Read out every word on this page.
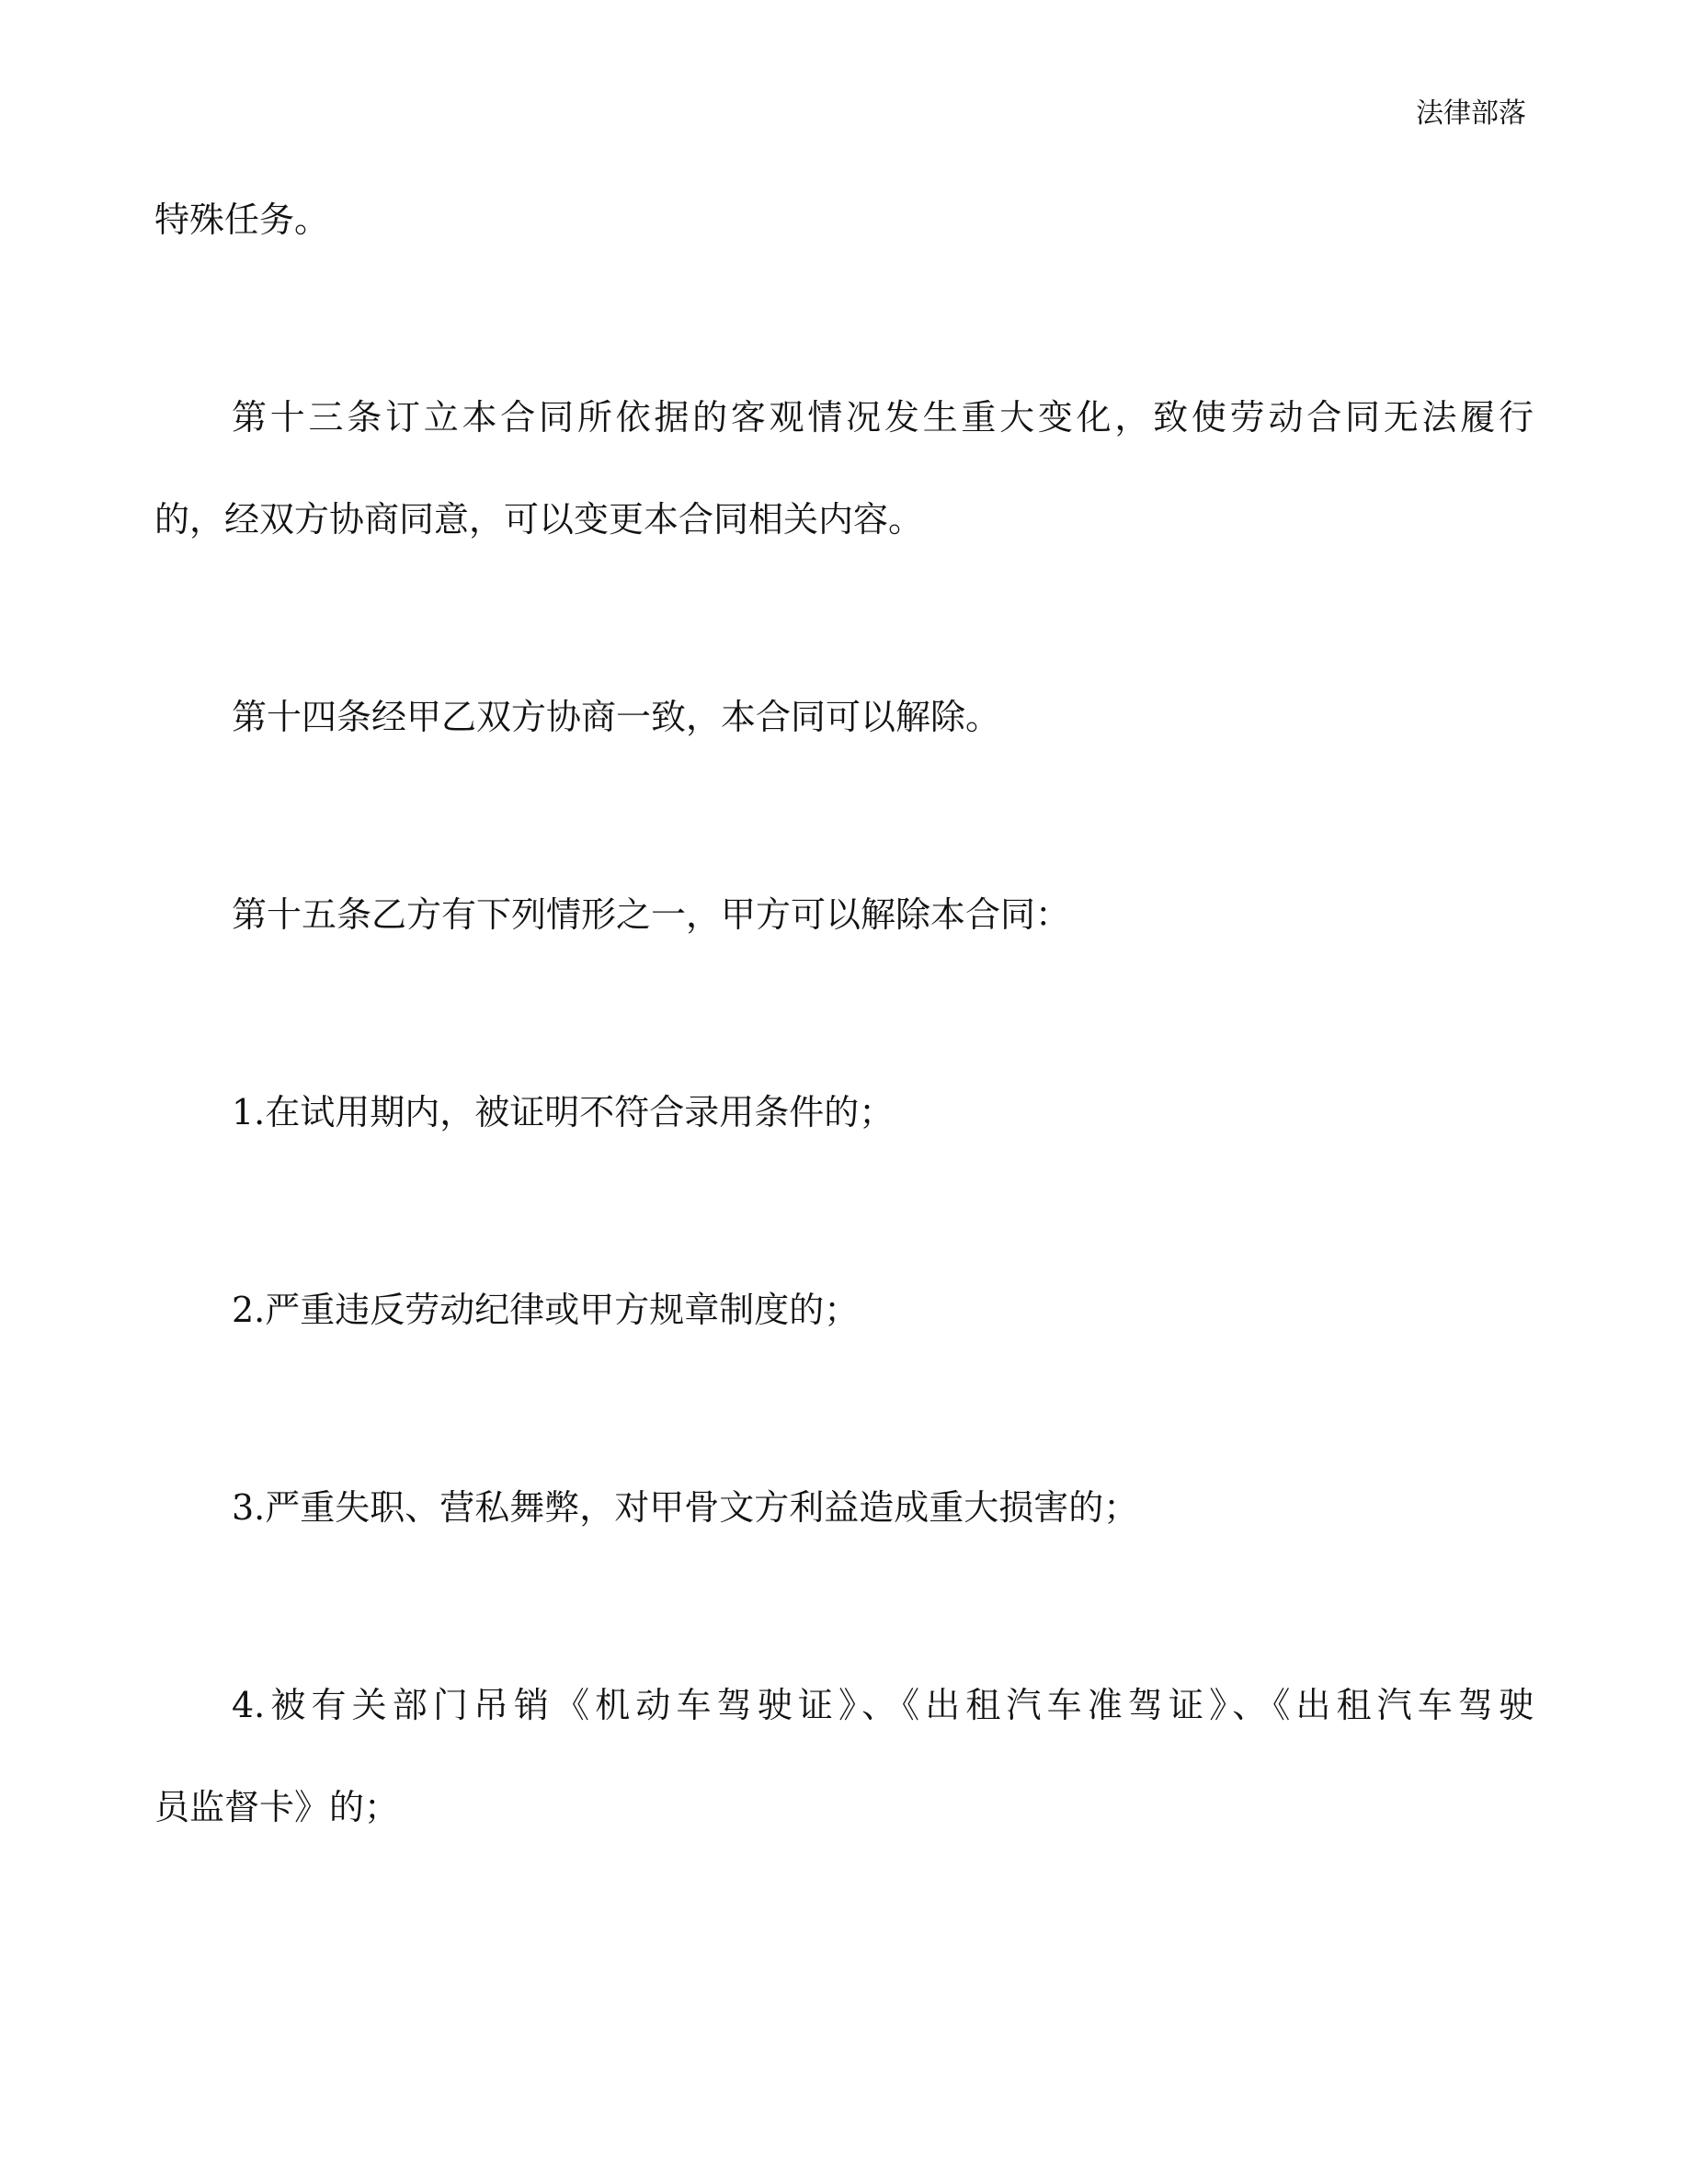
法律部落
特殊任务。
第十三条订立本合同所依据的客观情况发生重大变化，致使劳动合同无法履行
的，经双方协商同意，可以变更本合同相关内容。
第十四条经甲乙双方协商一致，本合同可以解除。
第十五条乙方有下列情形之一，甲方可以解除本合同：
1.在试用期内，被证明不符合录用条件的；
2.严重违反劳动纪律或甲方规章制度的；
3.严重失职、营私舞弊，对甲骨文方利益造成重大损害的；
4.被有关部门吊销《机动车驾驶证》、《出租汽车准驾证》、《出租汽车驾驶
员监督卡》的；
